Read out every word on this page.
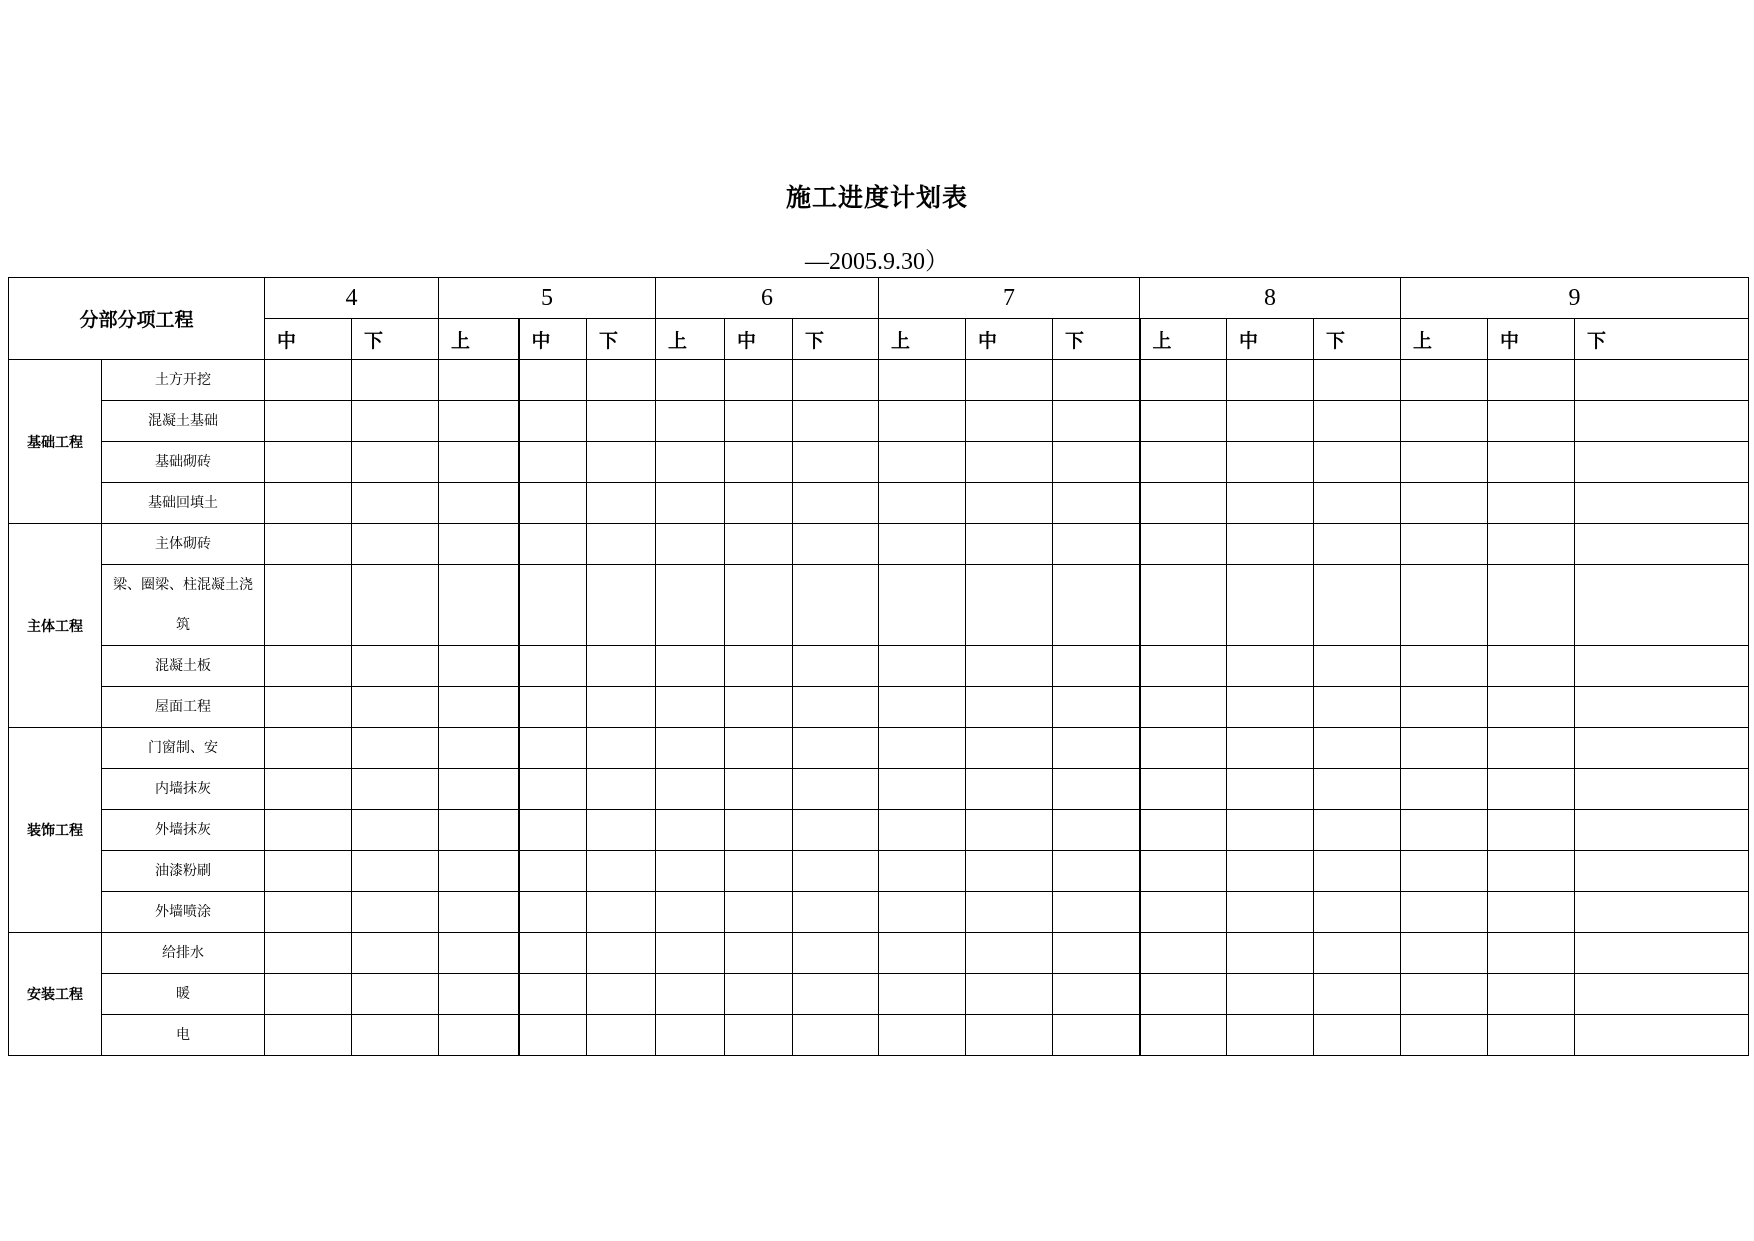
施工进度计划表
—2005.9.30）
分部分项工程		4		5			6			7			8			9		
		中	下	上	中	下	上	中	下	上	中	下	上	中	下	上	中	下
基础工程	土方开挖																	
	混凝土基础																	
	基础砌砖																	
	基础回填土																	
主体工程	主体砌砖																	
	梁、圈梁、柱混凝土浇筑																	
	混凝土板																	
	屋面工程																	
装饰工程	门窗制、安																	
	内墙抹灰																	
	外墙抹灰																	
	油漆粉刷																	
	外墙喷涂																	
安装工程	给排水																	
	暖																	
	电																	
